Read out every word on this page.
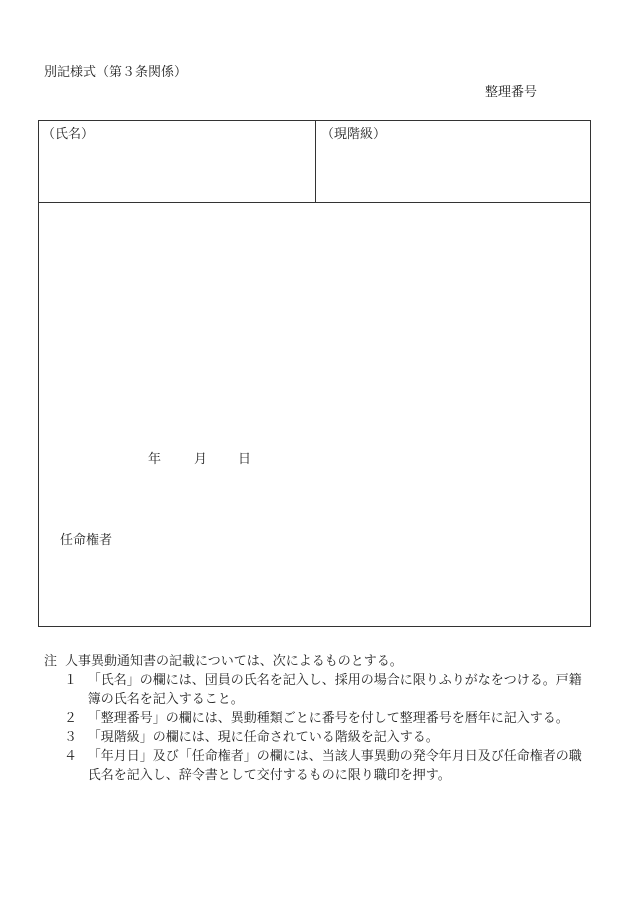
別記様式（第３条関係）
整理番号
（氏名）	（現階級）
年	月 日
任命権者
注 人事異動通知書の記載については、次によるものとする。
１ 「氏名」の欄には、団員の氏名を記入し、採用の場合に限りふりがなをつける。戸籍簿の氏名を記入すること。
２ 「整理番号」の欄には、異動種類ごとに番号を付して整理番号を暦年に記入する。
３ 「現階級」の欄には、現に任命されている階級を記入する。
４ 「年月日」及び「任命権者」の欄には、当該人事異動の発令年月日及び任命権者の職氏名を記入し、辞令書として交付するものに限り職印を押す。
